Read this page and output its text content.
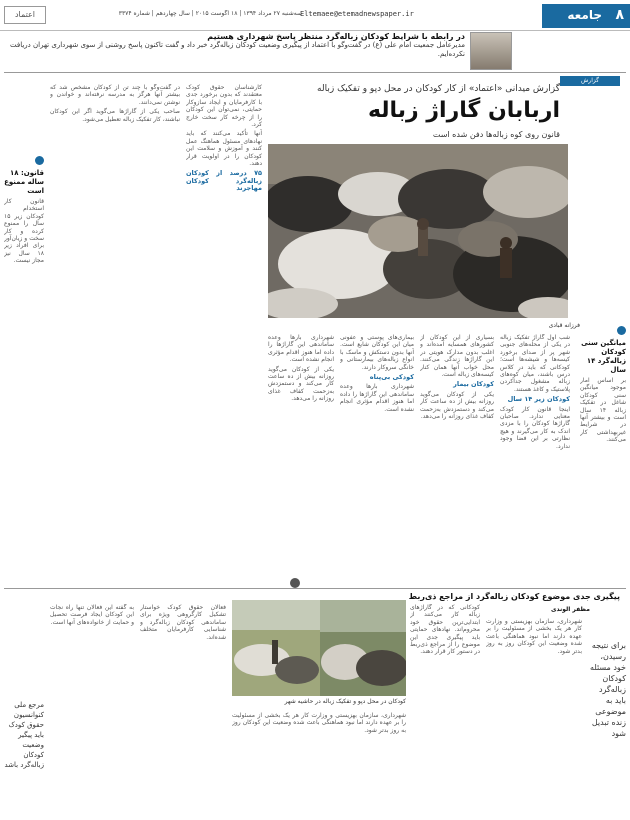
اعتماد	سه‌شنبه ۲۷ مرداد ۱۳۹۴ | ۱۸ آگوست ۲۰۱۵ | سال چهاردهم | شماره ۳۳۷۴
Eltemaee@etemadnewspaper.ir	۸
جامعه
در رابطه با شرایط کودکان زباله‌گرد منتظر پاسخ شهرداری هستیم
مدیرعامل جمعیت امام علی (ع) در گفت‌وگو با اعتماد از پیگیری وضعیت کودکان زباله‌گرد خبر داد و گفت تاکنون پاسخ روشنی از سوی شهرداری تهران دریافت نکرده‌ایم.
گزارش
گزارش میدانی «اعتماد» از کار کودکان در محل دپو و تفکیک زباله
اربابان گاراژ زباله
قانون روی کوه زباله‌ها دفن شده است
فرزانه قبادی
شب اول گاراژ تفکیک زباله در یکی از محله‌های جنوبی شهر پر از صدای برخورد کیسه‌ها و شیشه‌ها است؛ کودکانی که باید در کلاس درس باشند، میان کوه‌های زباله مشغول جداکردن پلاستیک و کاغذ هستند.
کودکان زیر ۱۴ سال
اینجا قانون کار کودک معنایی ندارد. صاحبان گاراژها کودکان را با مزدی اندک به کار می‌گیرند و هیچ نظارتی بر این فضا وجود ندارد.
بسیاری از این کودکان از کشورهای همسایه آمده‌اند و اغلب بدون مدارک هویتی در این گاراژها زندگی می‌کنند. محل خواب آنها همان کنار کیسه‌های زباله است.
کودکان بیمار
یکی از کودکان می‌گوید روزانه بیش از ده ساعت کار می‌کند و دستمزدش به‌زحمت کفاف غذای روزانه را می‌دهد.
بیماری‌های پوستی و عفونی میان این کودکان شایع است. آنها بدون دستکش و ماسک با انواع زباله‌های بیمارستانی و خانگی سروکار دارند.
کودکی بی‌پناه
شهرداری بارها وعده ساماندهی این گاراژها را داده اما هنوز اقدام مؤثری انجام نشده است.
کارشناسان حقوق کودک معتقدند که بدون برخورد جدی با کارفرمایان و ایجاد سازوکار حمایتی، نمی‌توان این کودکان را از چرخه کار سخت خارج کرد.
آنها تأکید می‌کنند که باید نهادهای مسئول هماهنگ عمل کنند و آموزش و سلامت این کودکان را در اولویت قرار دهند.
۷۵ درصد از کودکان زباله‌گرد کودکان مهاجرند
در گفت‌وگو با چند تن از کودکان مشخص شد که بیشتر آنها هرگز به مدرسه نرفته‌اند و خواندن و نوشتن نمی‌دانند.
صاحب یکی از گاراژها می‌گوید اگر این کودکان نباشند، کار تفکیک زباله تعطیل می‌شود.
شهرداری بارها وعده ساماندهی این گاراژها را داده اما هنوز اقدام مؤثری انجام نشده است.
یکی از کودکان می‌گوید روزانه بیش از ده ساعت کار می‌کند و دستمزدش به‌زحمت کفاف غذای روزانه را می‌دهد.
قانون: ۱۸ ساله ممنوع است
قانون کار استخدام کودکان زیر ۱۵ سال را ممنوع کرده و کار سخت و زیان‌آور برای افراد زیر ۱۸ سال نیز مجاز نیست.
میانگین سنی کودکان زباله‌گرد ۱۴ سال
بر اساس آمار موجود میانگین سنی کودکان شاغل در تفکیک زباله ۱۴ سال است و بیشتر آنها در شرایط غیربهداشتی کار می‌کنند.
پیگیری جدی موضوع کودکان زباله‌گرد از مراجع ذی‌ربط
مظفر الوندی
کودکان در محل دپو و تفکیک زباله در حاشیه شهر
کودکانی که در گاراژهای زباله کار می‌کنند از ابتدایی‌ترین حقوق خود محروم‌اند. نهادهای حمایتی باید پیگیری جدی این موضوع را از مراجع ذی‌ربط در دستور کار قرار دهند.
شهرداری، سازمان بهزیستی و وزارت کار هر یک بخشی از مسئولیت را بر عهده دارند اما نبود هماهنگی باعث شده وضعیت این کودکان روز به روز بدتر شود.
فعالان حقوق کودک خواستار تشکیل کارگروهی ویژه برای ساماندهی کودکان زباله‌گرد و شناسایی کارفرمایان متخلف شده‌اند.
به گفته این فعالان تنها راه نجات این کودکان ایجاد فرصت تحصیل و حمایت از خانواده‌های آنها است.
شهرداری، سازمان بهزیستی و وزارت کار هر یک بخشی از مسئولیت را بر عهده دارند اما نبود هماهنگی باعث شده وضعیت این کودکان روز به روز بدتر شود.
برای نتیجه رسیدن، خود مسئله کودکان زباله‌گرد باید به موضوعی زنده تبدیل شود
مرجع ملی کنوانسیون حقوق کودک باید پیگیر وضعیت کودکان زباله‌گرد باشد
